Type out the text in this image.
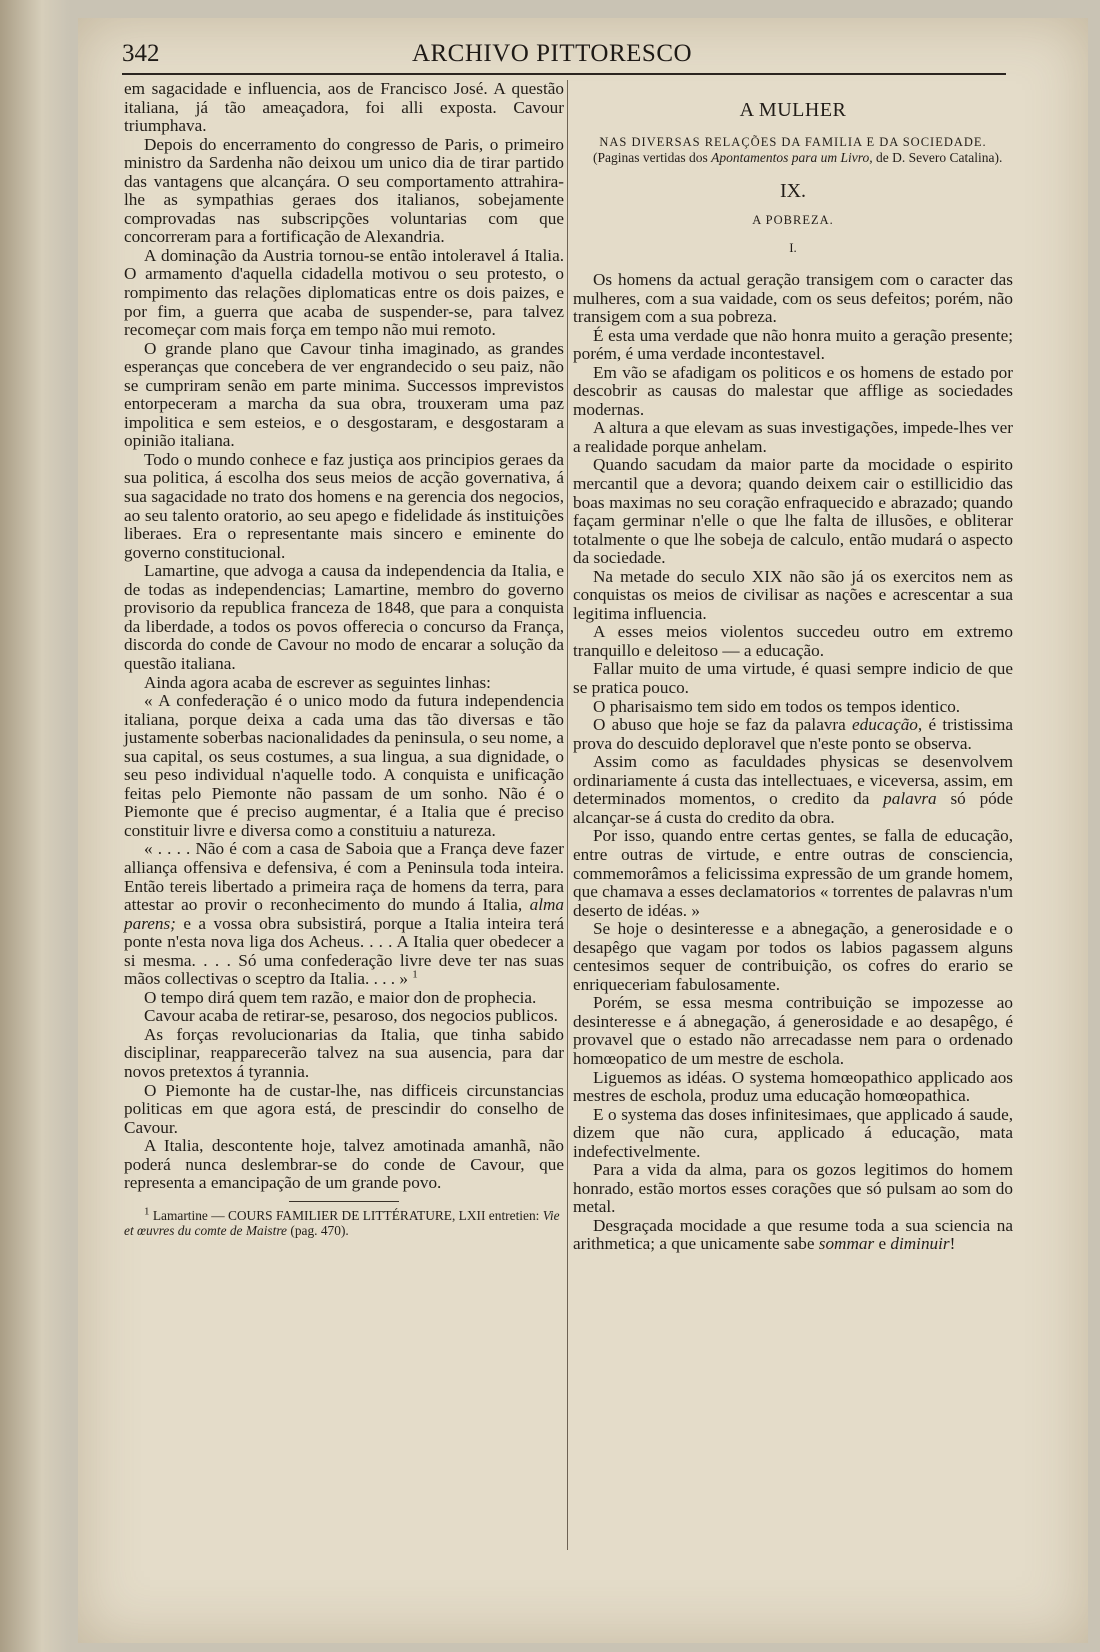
342	ARCHIVO PITTORESCO

em sagacidade e influencia, aos de Francisco José. A questão italiana, já tão ameaçadora, foi alli exposta. Cavour triumphava.

Depois do encerramento do congresso de Paris, o primeiro ministro da Sardenha não deixou um unico dia de tirar partido das vantagens que alcançára. O seu comportamento attrahira-lhe as sympathias geraes dos italianos, sobejamente comprovadas nas subscripções voluntarias com que concorreram para a fortificação de Alexandria.

A dominação da Austria tornou-se então intoleravel á Italia. O armamento d'aquella cidadella motivou o seu protesto, o rompimento das relações diplomaticas entre os dois paizes, e por fim, a guerra que acaba de suspender-se, para talvez recomeçar com mais força em tempo não mui remoto.

O grande plano que Cavour tinha imaginado, as grandes esperanças que concebera de ver engrandecido o seu paiz, não se cumpriram senão em parte minima. Successos imprevistos entorpeceram a marcha da sua obra, trouxeram uma paz impolitica e sem esteios, e o desgostaram, e desgostaram a opinião italiana.

Todo o mundo conhece e faz justiça aos principios geraes da sua politica, á escolha dos seus meios de acção governativa, á sua sagacidade no trato dos homens e na gerencia dos negocios, ao seu talento oratorio, ao seu apego e fidelidade ás instituições liberaes. Era o representante mais sincero e eminente do governo constitucional.

Lamartine, que advoga a causa da independencia da Italia, e de todas as independencias; Lamartine, membro do governo provisorio da republica franceza de 1848, que para a conquista da liberdade, a todos os povos offerecia o concurso da França, discorda do conde de Cavour no modo de encarar a solução da questão italiana.

Ainda agora acaba de escrever as seguintes linhas:

« A confederação é o unico modo da futura independencia italiana, porque deixa a cada uma das tão diversas e tão justamente soberbas nacionalidades da peninsula, o seu nome, a sua capital, os seus costumes, a sua lingua, a sua dignidade, o seu peso individual n'aquelle todo. A conquista e unificação feitas pelo Piemonte não passam de um sonho. Não é o Piemonte que é preciso augmentar, é a Italia que é preciso constituir livre e diversa como a constituiu a natureza.

« . . . . Não é com a casa de Saboia que a França deve fazer alliança offensiva e defensiva, é com a Peninsula toda inteira. Então tereis libertado a primeira raça de homens da terra, para attestar ao provir o reconhecimento do mundo á Italia, alma parens; e a vossa obra subsistirá, porque a Italia inteira terá ponte n'esta nova liga dos Acheus. . . . A Italia quer obedecer a si mesma. . . . Só uma confederação livre deve ter nas suas mãos collectivas o sceptro da Italia. . . . » $^1$

O tempo dirá quem tem razão, e maior don de prophecia.

Cavour acaba de retirar-se, pesaroso, dos negocios publicos.

As forças revolucionarias da Italia, que tinha sabido disciplinar, reapparecerão talvez na sua ausencia, para dar novos pretextos á tyrannia.

O Piemonte ha de custar-lhe, nas difficeis circunstancias politicas em que agora está, de prescindir do conselho de Cavour.

A Italia, descontente hoje, talvez amotinada amanhã, não poderá nunca deslembrar-se do conde de Cavour, que representa a emancipação de um grande povo.

$^1$ Lamartine — COURS FAMILIER DE LITTÉRATURE, LXII entretien: Vie et œuvres du comte de Maistre (pag. 470).

A MULHER
NAS DIVERSAS RELAÇÕES DA FAMILIA E DA SOCIEDADE.

(Paginas vertidas dos Apontamentos para um Livro, de D. Severo Catalina).

IX.
A POBREZA.
I.

Os homens da actual geração transigem com o caracter das mulheres, com a sua vaidade, com os seus defeitos; porém, não transigem com a sua pobreza.

É esta uma verdade que não honra muito a geração presente; porém, é uma verdade incontestavel.

Em vão se afadigam os politicos e os homens de estado por descobrir as causas do malestar que afflige as sociedades modernas.

A altura a que elevam as suas investigações, impede-lhes ver a realidade porque anhelam.

Quando sacudam da maior parte da mocidade o espirito mercantil que a devora; quando deixem cair o estillicidio das boas maximas no seu coração enfraquecido e abrazado; quando façam germinar n'elle o que lhe falta de illusões, e obliterar totalmente o que lhe sobeja de calculo, então mudará o aspecto da sociedade.

Na metade do seculo XIX não são já os exercitos nem as conquistas os meios de civilisar as nações e acrescentar a sua legitima influencia.

A esses meios violentos succedeu outro em extremo tranquillo e deleitoso — a educação.

Fallar muito de uma virtude, é quasi sempre indicio de que se pratica pouco.

O pharisaismo tem sido em todos os tempos identico.

O abuso que hoje se faz da palavra educação, é tristissima prova do descuido deploravel que n'este ponto se observa.

Assim como as faculdades physicas se desenvolvem ordinariamente á custa das intellectuaes, e viceversa, assim, em determinados momentos, o credito da palavra só póde alcançar-se á custa do credito da obra.

Por isso, quando entre certas gentes, se falla de educação, entre outras de virtude, e entre outras de consciencia, commemorâmos a felicissima expressão de um grande homem, que chamava a esses declamatorios « torrentes de palavras n'um deserto de idéas. »

Se hoje o desinteresse e a abnegação, a generosidade e o desapêgo que vagam por todos os labios pagassem alguns centesimos sequer de contribuição, os cofres do erario se enriqueceriam fabulosamente.

Porém, se essa mesma contribuição se impozesse ao desinteresse e á abnegação, á generosidade e ao desapêgo, é provavel que o estado não arrecadasse nem para o ordenado homœopatico de um mestre de eschola.

Liguemos as idéas. O systema homœopathico applicado aos mestres de eschola, produz uma educação homœopathica.

E o systema das doses infinitesimaes, que applicado á saude, dizem que não cura, applicado á educação, mata indefectivelmente.

Para a vida da alma, para os gozos legitimos do homem honrado, estão mortos esses corações que só pulsam ao som do metal.

Desgraçada mocidade a que resume toda a sua sciencia na arithmetica; a que unicamente sabe sommar e diminuir!
